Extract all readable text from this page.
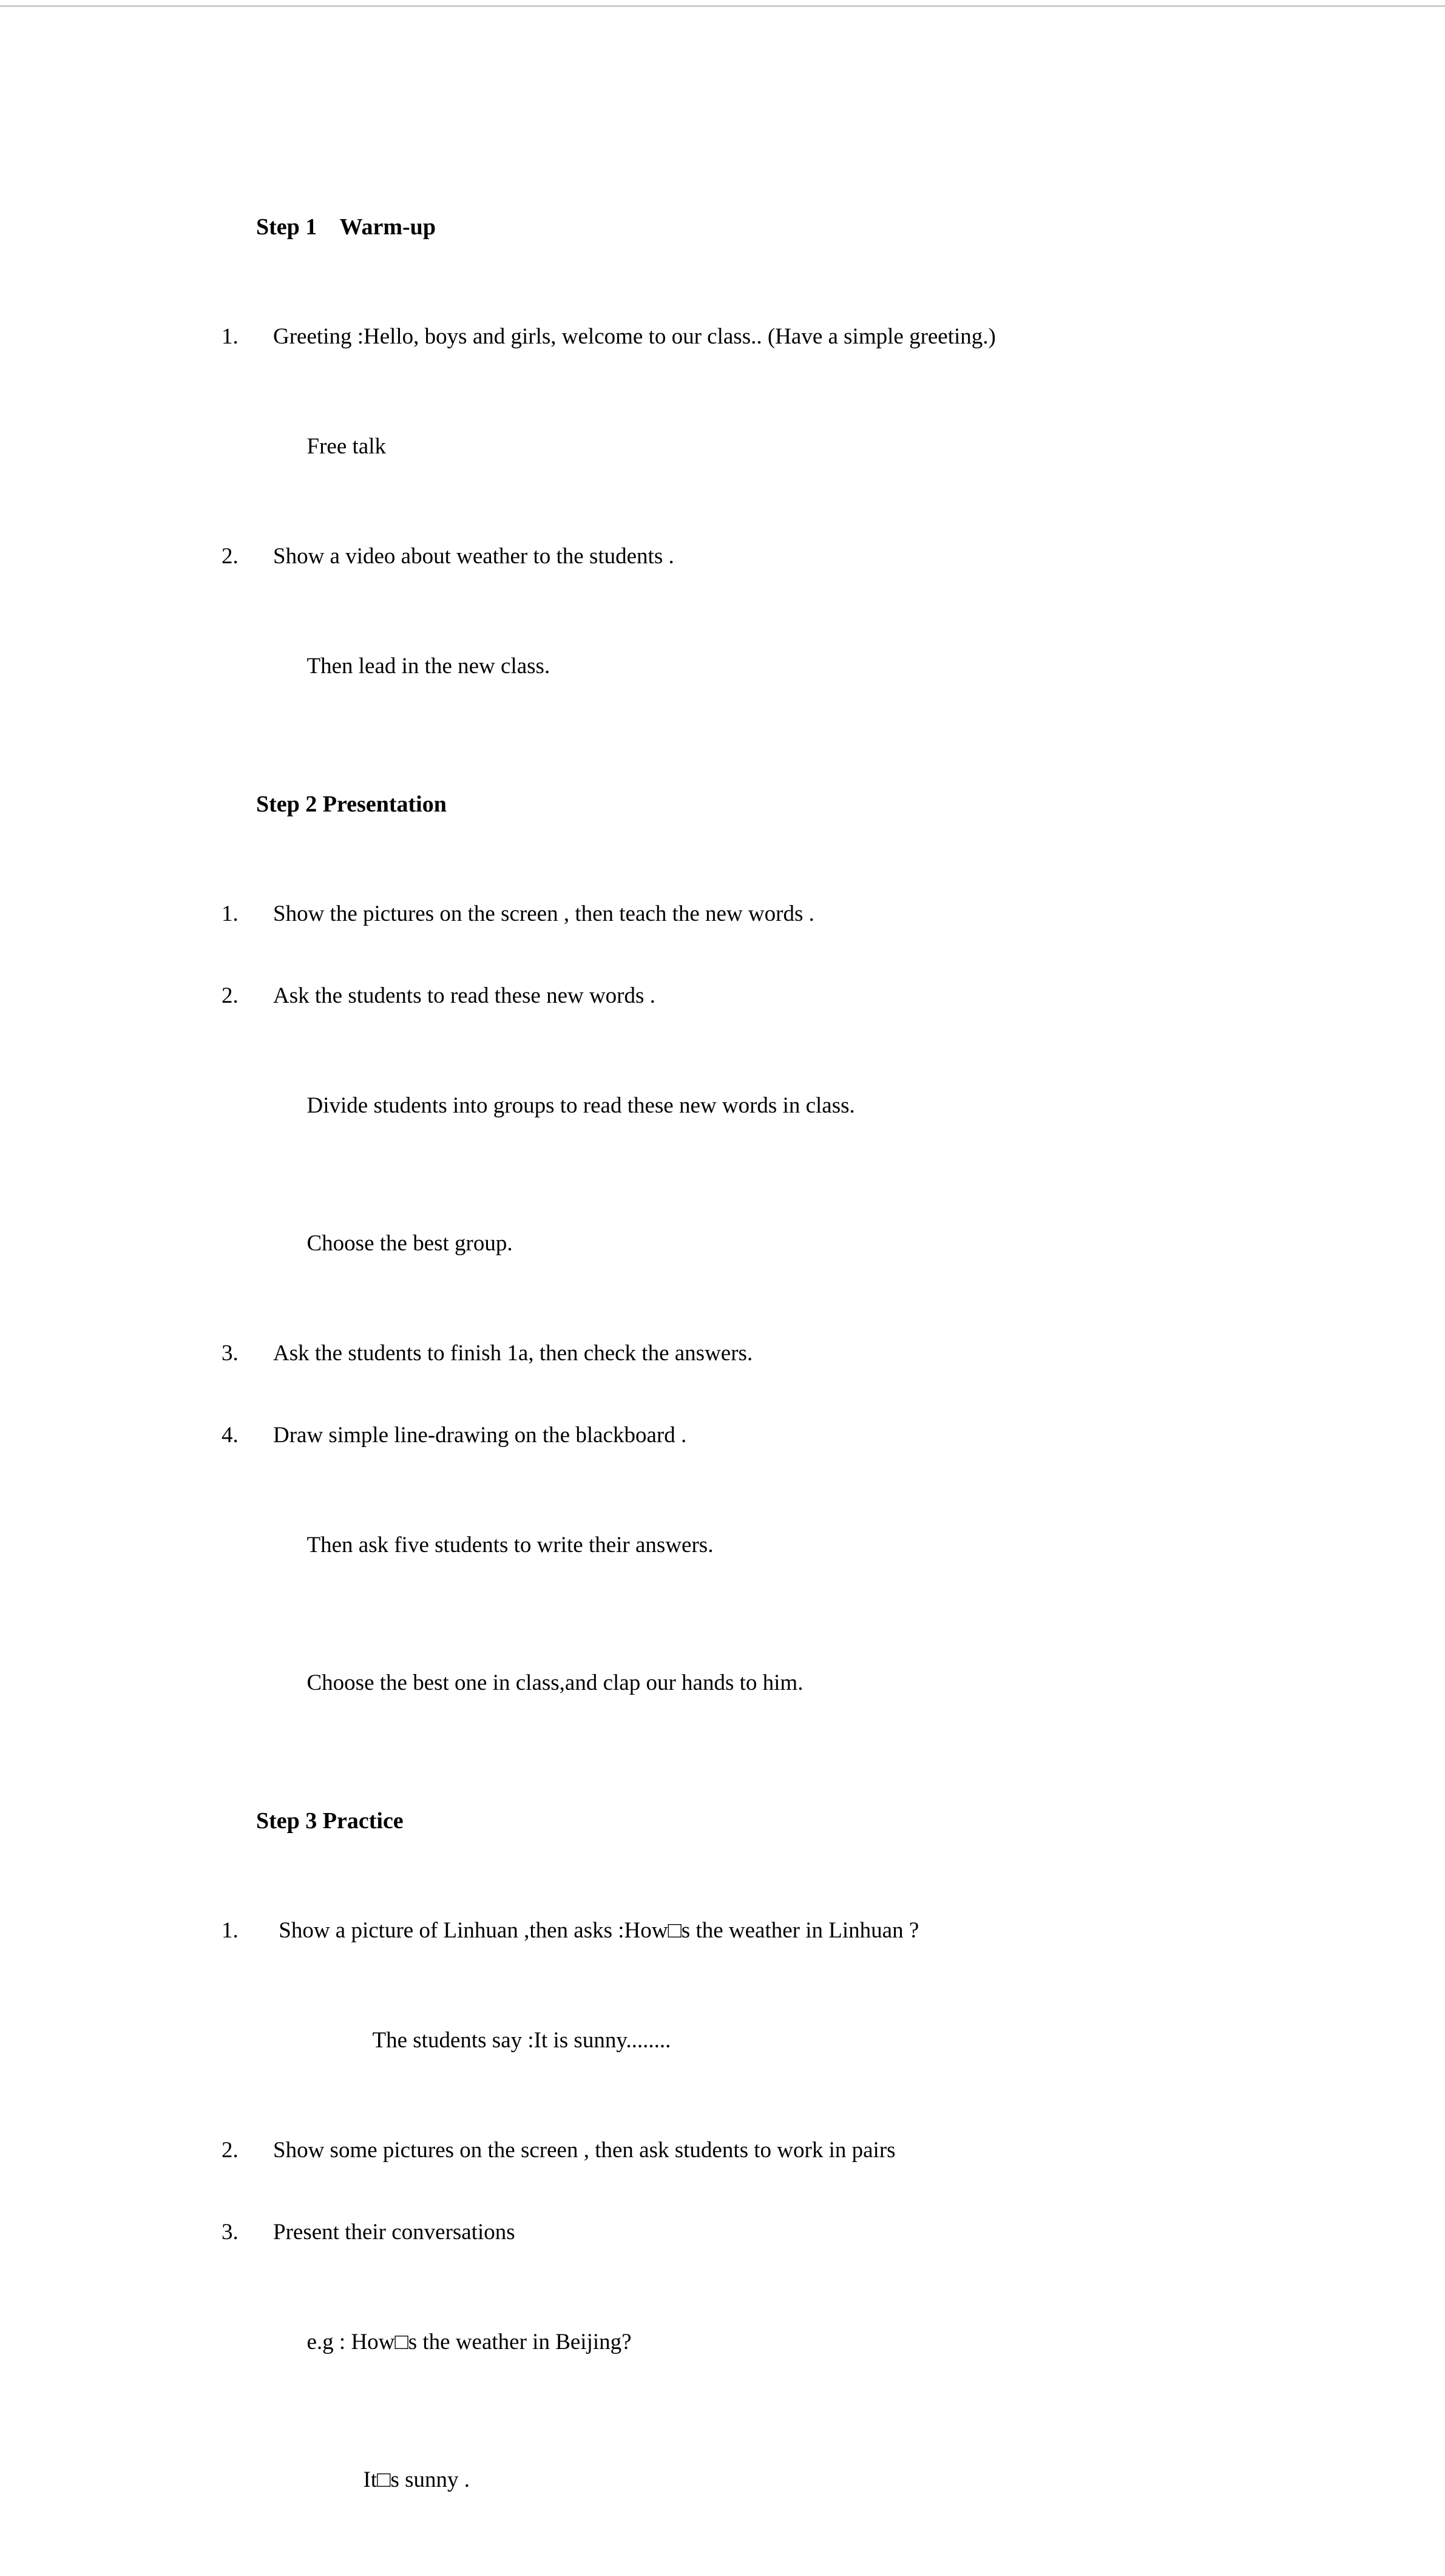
Step 1    Warm-up

1.	Greeting :Hello, boys and girls, welcome to our class.. (Have a simple greeting.)

Free talk

2.	Show a video about weather to the students .

Then lead in the new class.

Step 2 Presentation

1.	Show the pictures on the screen , then teach the new words .
2.	Ask the students to read these new words .

Divide students into groups to read these new words in class.

Choose the best group.

3.	Ask the students to finish 1a, then check the answers.
4.	Draw simple line-drawing on the blackboard .

Then ask five students to write their answers.

Choose the best one in class,and clap our hands to him.

Step 3 Practice

1.	Show a picture of Linhuan ,then asks :How□s the weather in Linhuan ?

The students say :It is sunny........

2.	Show some pictures on the screen , then ask students to work in pairs
3.	Present their conversations

e.g : How□s the weather in Beijing?

It□s sunny .
